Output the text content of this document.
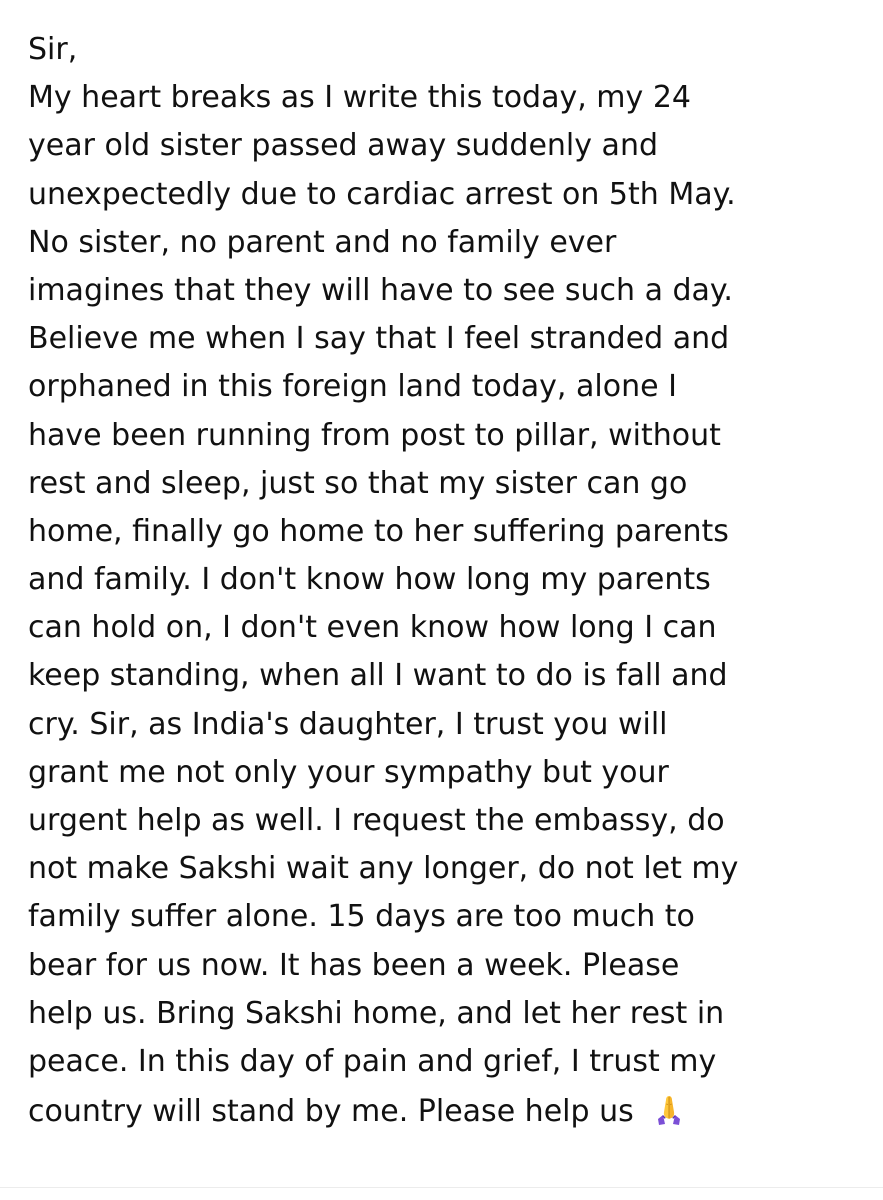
Sir,
My heart breaks as I write this today, my 24
year old sister passed away suddenly and
unexpectedly due to cardiac arrest on 5th May.
No sister, no parent and no family ever
imagines that they will have to see such a day.
Believe me when I say that I feel stranded and
orphaned in this foreign land today, alone I
have been running from post to pillar, without
rest and sleep, just so that my sister can go
home, finally go home to her suffering parents
and family. I don't know how long my parents
can hold on, I don't even know how long I can
keep standing, when all I want to do is fall and
cry. Sir, as India's daughter, I trust you will
grant me not only your sympathy but your
urgent help as well. I request the embassy, do
not make Sakshi wait any longer, do not let my
family suffer alone. 15 days are too much to
bear for us now. It has been a week. Please
help us. Bring Sakshi home, and let her rest in
peace. In this day of pain and grief, I trust my
country will stand by me. Please help us
